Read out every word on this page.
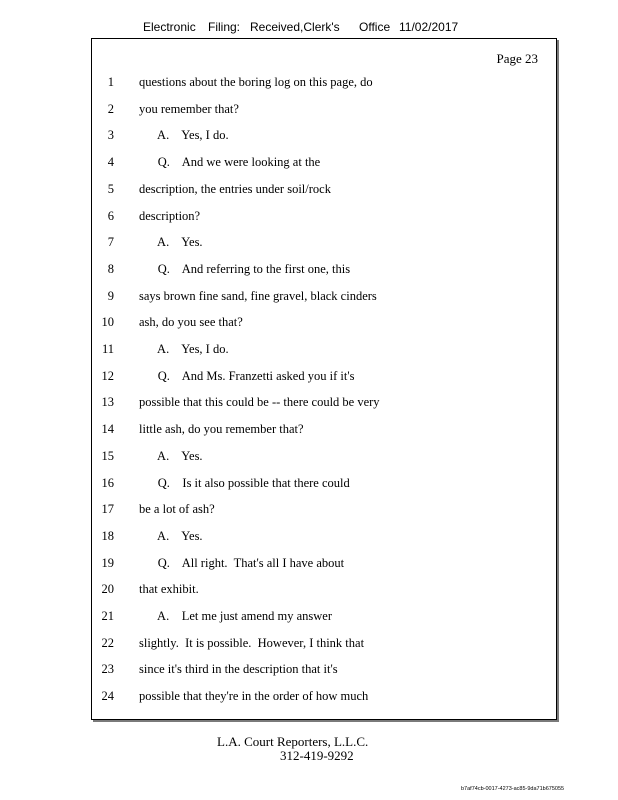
Electronic Filing: Received,Clerk's Office 11/02/2017
Page 23
1 questions about the boring log on this page, do
2 you remember that?
3 A.    Yes, I do.
4 Q.    And we were looking at the
5 description, the entries under soil/rock
6 description?
7 A.    Yes.
8 Q.    And referring to the first one, this
9 says brown fine sand, fine gravel, black cinders
10 ash, do you see that?
11 A.    Yes, I do.
12 Q.    And Ms. Franzetti asked you if it's
13 possible that this could be -- there could be very
14 little ash, do you remember that?
15 A.    Yes.
16 Q.    Is it also possible that there could
17 be a lot of ash?
18 A.    Yes.
19 Q.    All right.  That's all I have about
20 that exhibit.
21 A.    Let me just amend my answer
22 slightly.  It is possible.  However, I think that
23 since it's third in the description that it's
24 possible that they're in the order of how much
L.A. Court Reporters, L.L.C.
312-419-9292
b7af74cb-0017-4273-ac85-9da71b675055
